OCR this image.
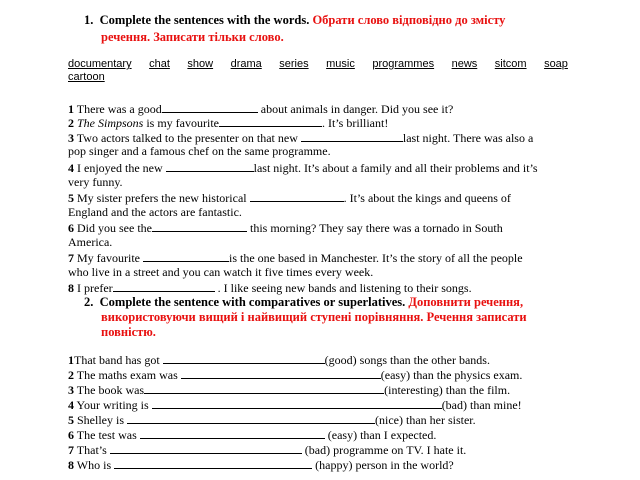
1. Complete the sentences with the words. Обрати слово відповідно до змісту
речення. Записати тільки слово.
documentary chat show drama series music programmes news sitcom soap
cartoon
1 There was a good	about animals in danger. Did you see it?
2 The Simpsons is my favourite	. It’s brilliant!
3 Two actors talked to the presenter on that new	last night. There was also a
pop singer and a famous chef on the same programme.
4 I enjoyed the new	last night. It’s about a family and all their problems and it’s
very funny.
5 My sister prefers the new historical	. It’s about the kings and queens of
England and the actors are fantastic.
6 Did you see the	this morning? They say there was a tornado in South
America.
7 My favourite	is the one based in Manchester. It’s the story of all the people
who live in a street and you can watch it five times every week.
8 I prefer	. I like seeing new bands and listening to their songs.
2. Complete the sentence with comparatives or superlatives. Доповнити речення,
використовуючи вищий і найвищий ступені порівняння. Речення записати
повністю.
1That band has got	(good) songs than the other bands.
2 The maths exam was	(easy) than the physics exam.
3 The book was	(interesting) than the film.
4 Your writing is	(bad) than mine!
5 Shelley is	(nice) than her sister.
6 The test was	(easy) than I expected.
7 That’s	(bad) programme on TV. I hate it.
8 Who is	(happy) person in the world?
